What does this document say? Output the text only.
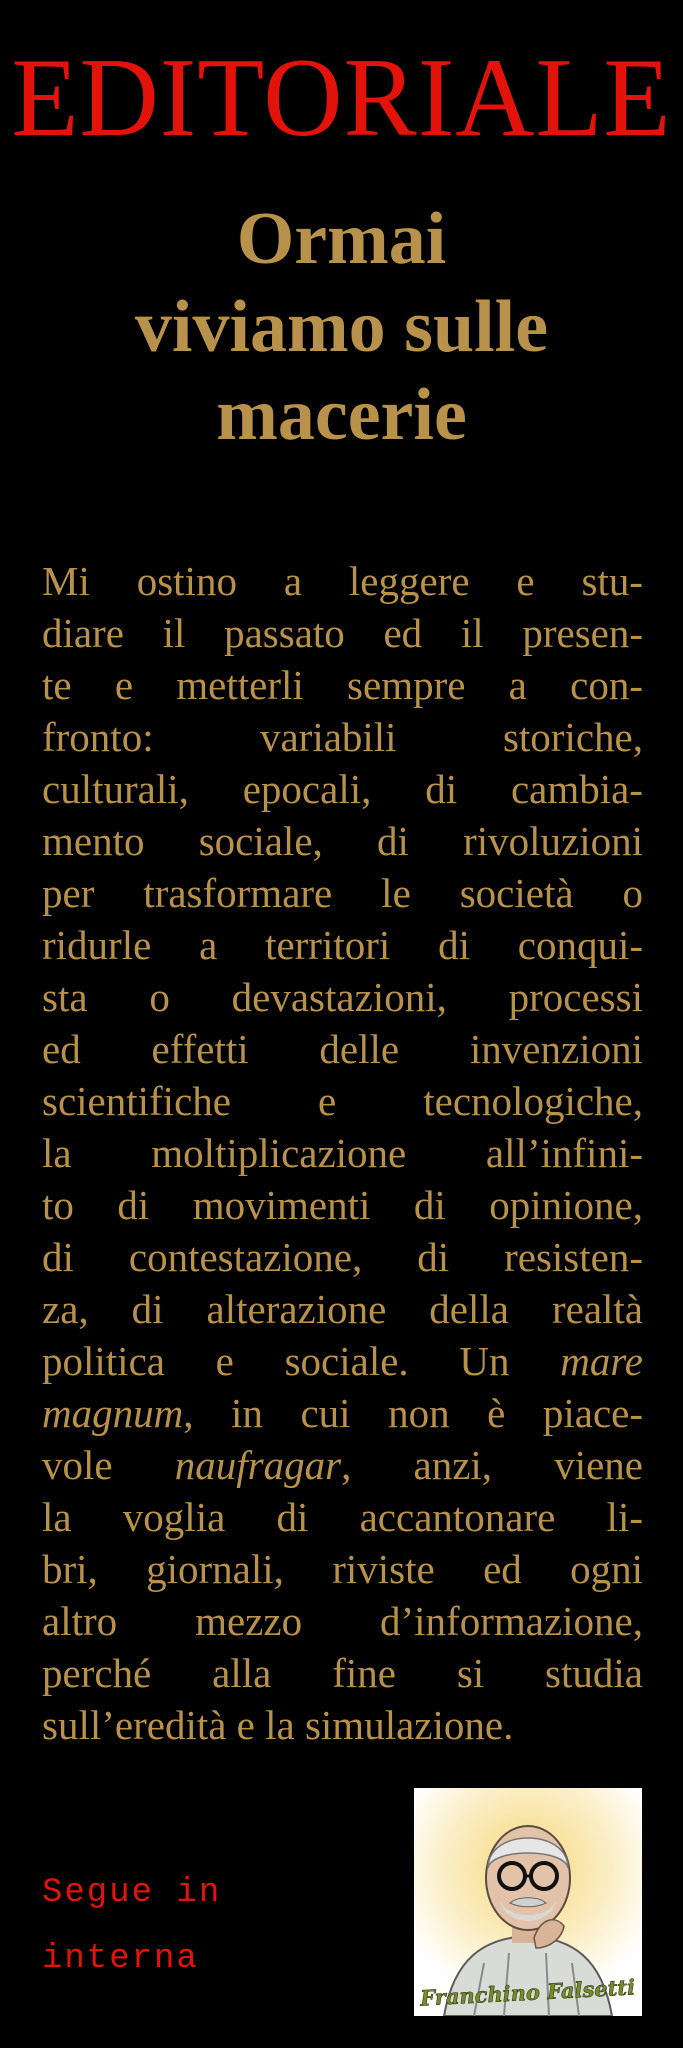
EDITORIALE
Ormai
viviamo sulle
macerie
Mi ostino a leggere e stu-
diare il passato ed il presen-
te e metterli sempre a con-
fronto: variabili storiche,
culturali, epocali, di cambia-
mento sociale, di rivoluzioni
per trasformare le società o
ridurle a territori di conqui-
sta o devastazioni, processi
ed effetti delle invenzioni
scientifiche e tecnologiche,
la moltiplicazione all’infini-
to di movimenti di opinione,
di contestazione, di resisten-
za, di alterazione della realtà
politica e sociale. Un mare
magnum, in cui non è piace-
vole naufragar, anzi, viene
la voglia di accantonare li-
bri, giornali, riviste ed ogni
altro mezzo d’informazione,
perché alla fine si studia
sull’eredità e la simulazione.
Segue in
interna
Franchino Falsetti
